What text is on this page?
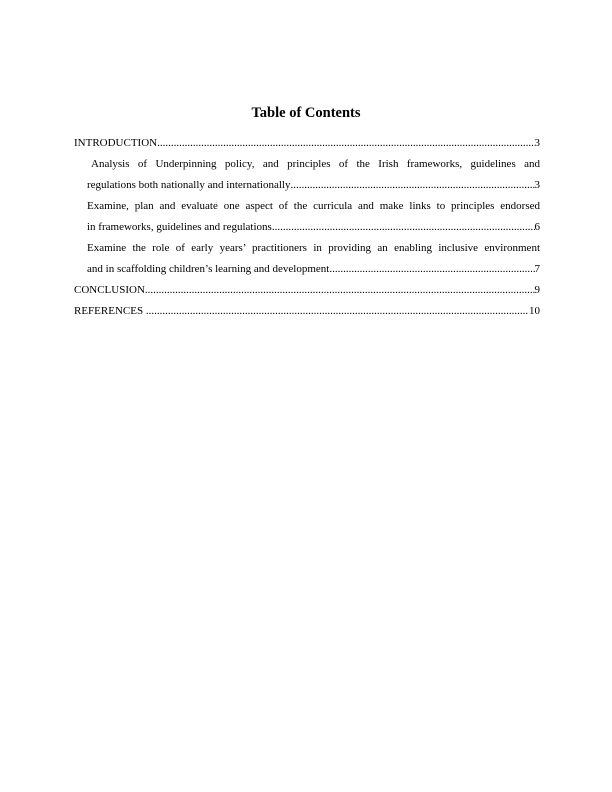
Table of Contents
INTRODUCTION .....	3
Analysis of Underpinning policy, and principles of the Irish frameworks, guidelines and
regulations both nationally and internationally .....	3
Examine, plan and evaluate one aspect of the curricula and make links to principles endorsed
in frameworks, guidelines and regulations .....	6
Examine the role of early years’ practitioners in providing an enabling inclusive environment
and in scaffolding children’s learning and development .....	7
CONCLUSION .....	9
REFERENCES .....	10
